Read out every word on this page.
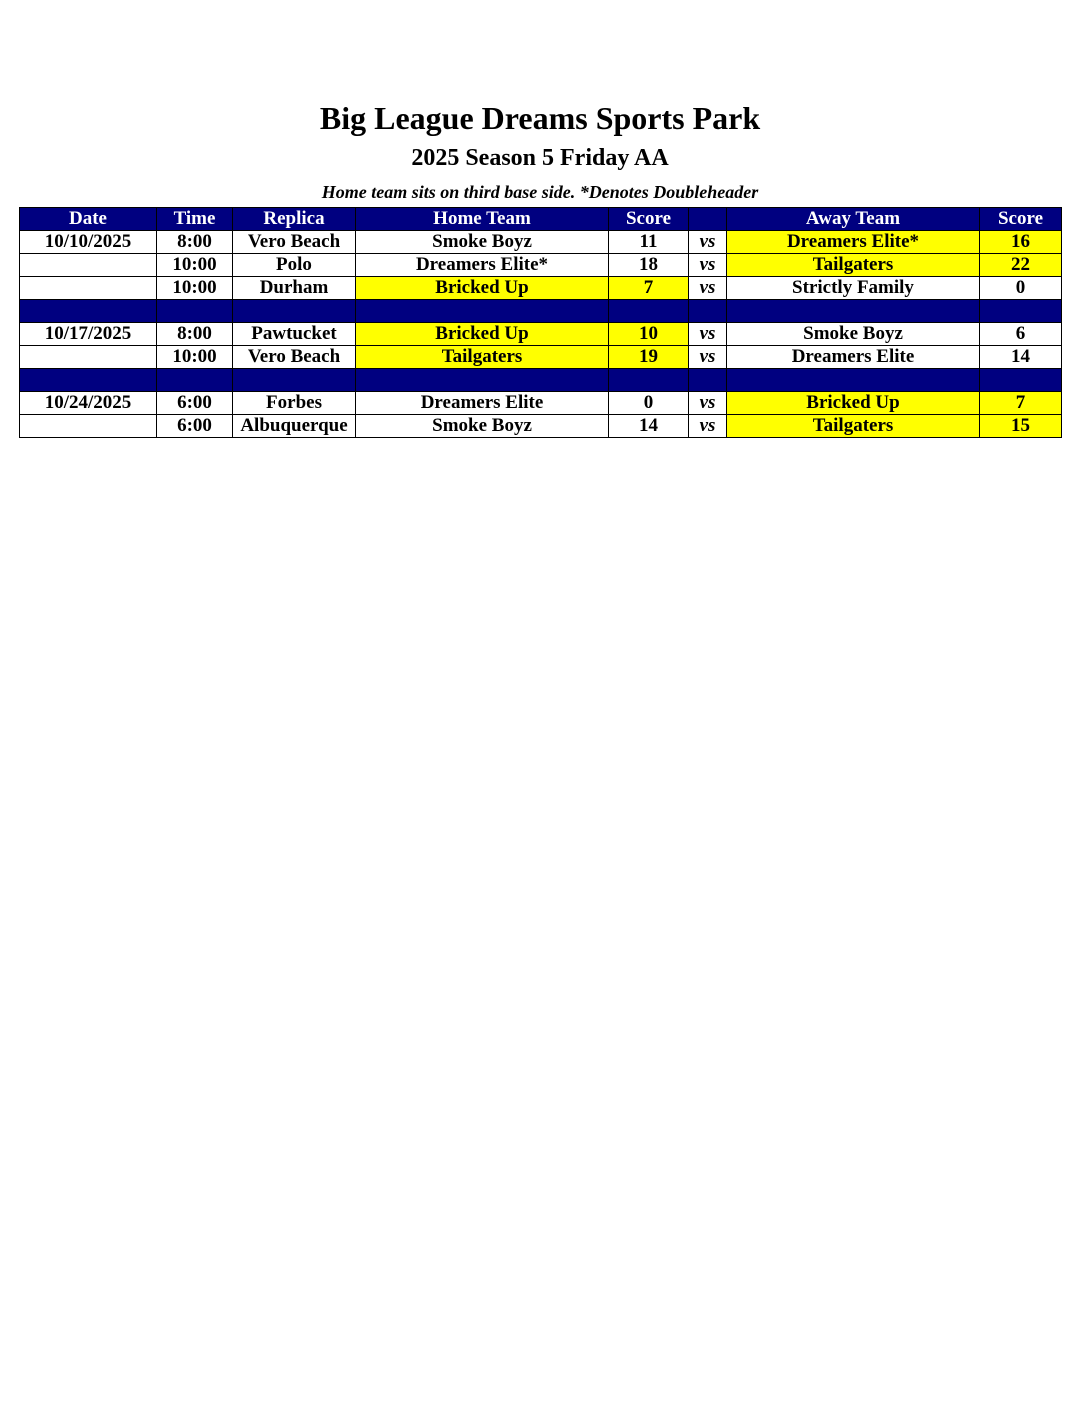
Big League Dreams Sports Park
2025 Season 5 Friday AA
Home team sits on third base side. *Denotes Doubleheader
Date	Time	Replica	Home Team	Score		Away Team	Score
10/10/2025	8:00	Vero Beach	Smoke Boyz	11	vs	Dreamers Elite*	16
	10:00	Polo	Dreamers Elite*	18	vs	Tailgaters	22
	10:00	Durham	Bricked Up	7	vs	Strictly Family	0

10/17/2025	8:00	Pawtucket	Bricked Up	10	vs	Smoke Boyz	6
	10:00	Vero Beach	Tailgaters	19	vs	Dreamers Elite	14

10/24/2025	6:00	Forbes	Dreamers Elite	0	vs	Bricked Up	7
	6:00	Albuquerque	Smoke Boyz	14	vs	Tailgaters	15
